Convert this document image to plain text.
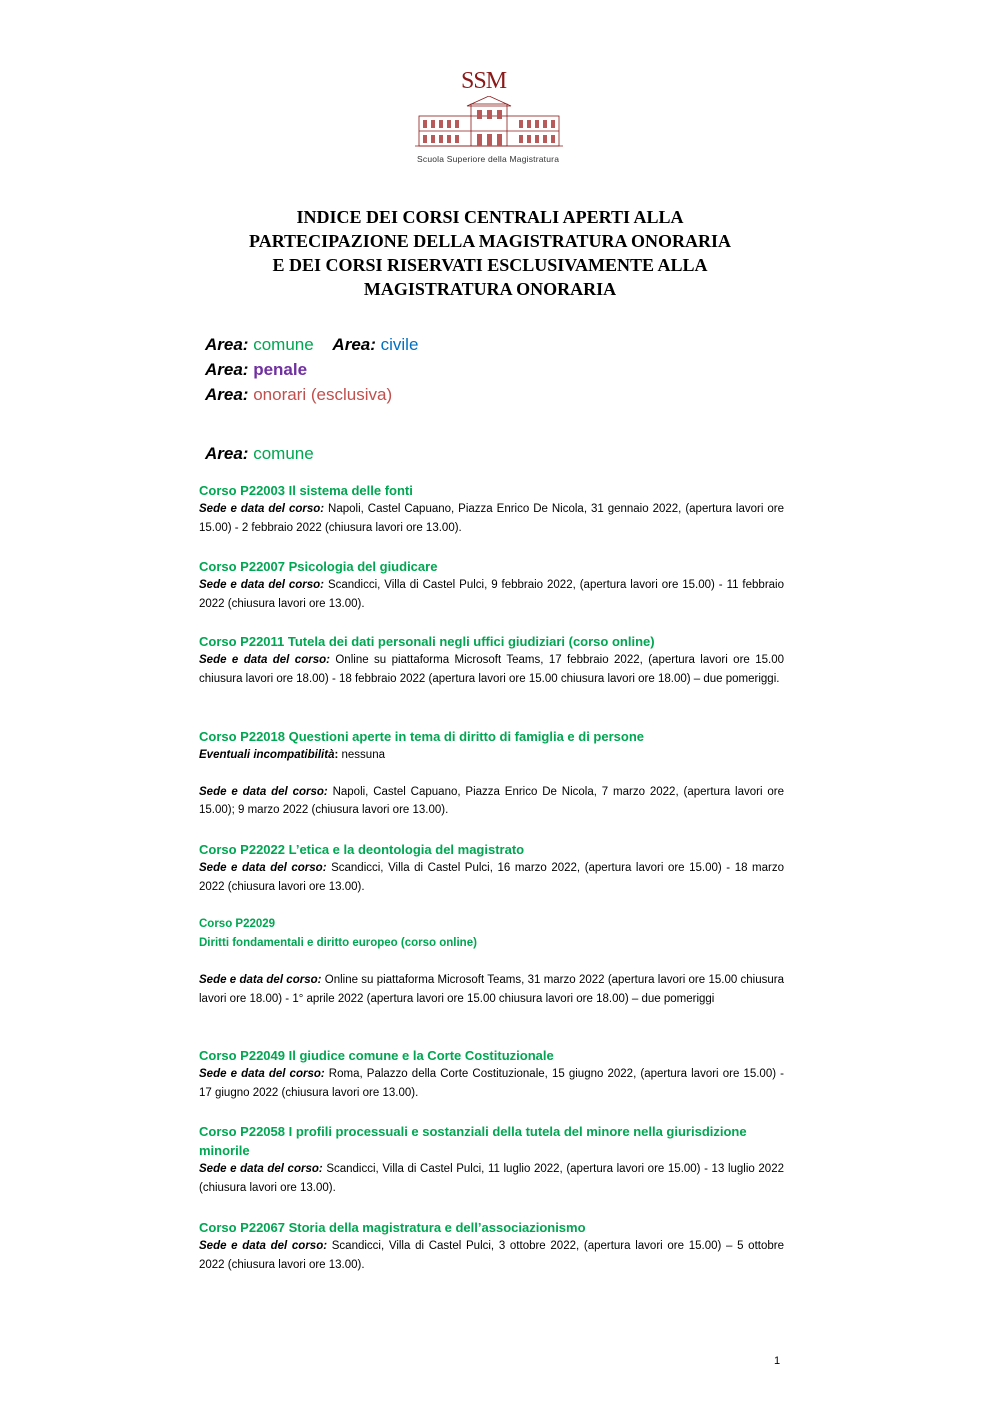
SSM
Scuola Superiore della Magistratura
INDICE DEI CORSI CENTRALI APERTI ALLA
PARTECIPAZIONE DELLA MAGISTRATURA ONORARIA
E DEI CORSI RISERVATI ESCLUSIVAMENTE ALLA
MAGISTRATURA ONORARIA
Area: comune Area: civile
Area: penale
Area: onorari (esclusiva)
Area: comune

Corso P22003 Il sistema delle fonti

Sede e data del corso: Napoli, Castel Capuano, Piazza Enrico De Nicola, 31 gennaio 2022, (apertura lavori ore 15.00) - 2 febbraio 2022 (chiusura lavori ore 13.00).

Corso P22007 Psicologia del giudicare

Sede e data del corso: Scandicci, Villa di Castel Pulci, 9 febbraio 2022, (apertura lavori ore 15.00) - 11 febbraio 2022 (chiusura lavori ore 13.00).

Corso P22011 Tutela dei dati personali negli uffici giudiziari (corso online)

Sede e data del corso: Online su piattaforma Microsoft Teams, 17 febbraio 2022, (apertura lavori ore 15.00 chiusura lavori ore 18.00) - 18 febbraio 2022 (apertura lavori ore 15.00 chiusura lavori ore 18.00) – due pomeriggi.

Corso P22018 Questioni aperte in tema di diritto di famiglia e di persone

Eventuali incompatibilità: nessuna

Sede e data del corso: Napoli, Castel Capuano, Piazza Enrico De Nicola, 7 marzo 2022, (apertura lavori ore 15.00); 9 marzo 2022 (chiusura lavori ore 13.00).

Corso P22022 L’etica e la deontologia del magistrato

Sede e data del corso: Scandicci, Villa di Castel Pulci, 16 marzo 2022, (apertura lavori ore 15.00) - 18 marzo 2022 (chiusura lavori ore 13.00).

Corso P22029

Diritti fondamentali e diritto europeo (corso online)

Sede e data del corso: Online su piattaforma Microsoft Teams, 31 marzo 2022 (apertura lavori ore 15.00 chiusura lavori ore 18.00) - 1° aprile 2022 (apertura lavori ore 15.00 chiusura lavori ore 18.00) – due pomeriggi

Corso P22049 Il giudice comune e la Corte Costituzionale

Sede e data del corso: Roma, Palazzo della Corte Costituzionale, 15 giugno 2022, (apertura lavori ore 15.00) - 17 giugno 2022 (chiusura lavori ore 13.00).

Corso P22058 I profili processuali e sostanziali della tutela del minore nella giurisdizione minorile

Sede e data del corso: Scandicci, Villa di Castel Pulci, 11 luglio 2022, (apertura lavori ore 15.00) - 13 luglio 2022 (chiusura lavori ore 13.00).

Corso P22067 Storia della magistratura e dell’associazionismo

Sede e data del corso: Scandicci, Villa di Castel Pulci, 3 ottobre 2022, (apertura lavori ore 15.00) – 5 ottobre 2022 (chiusura lavori ore 13.00).

1
